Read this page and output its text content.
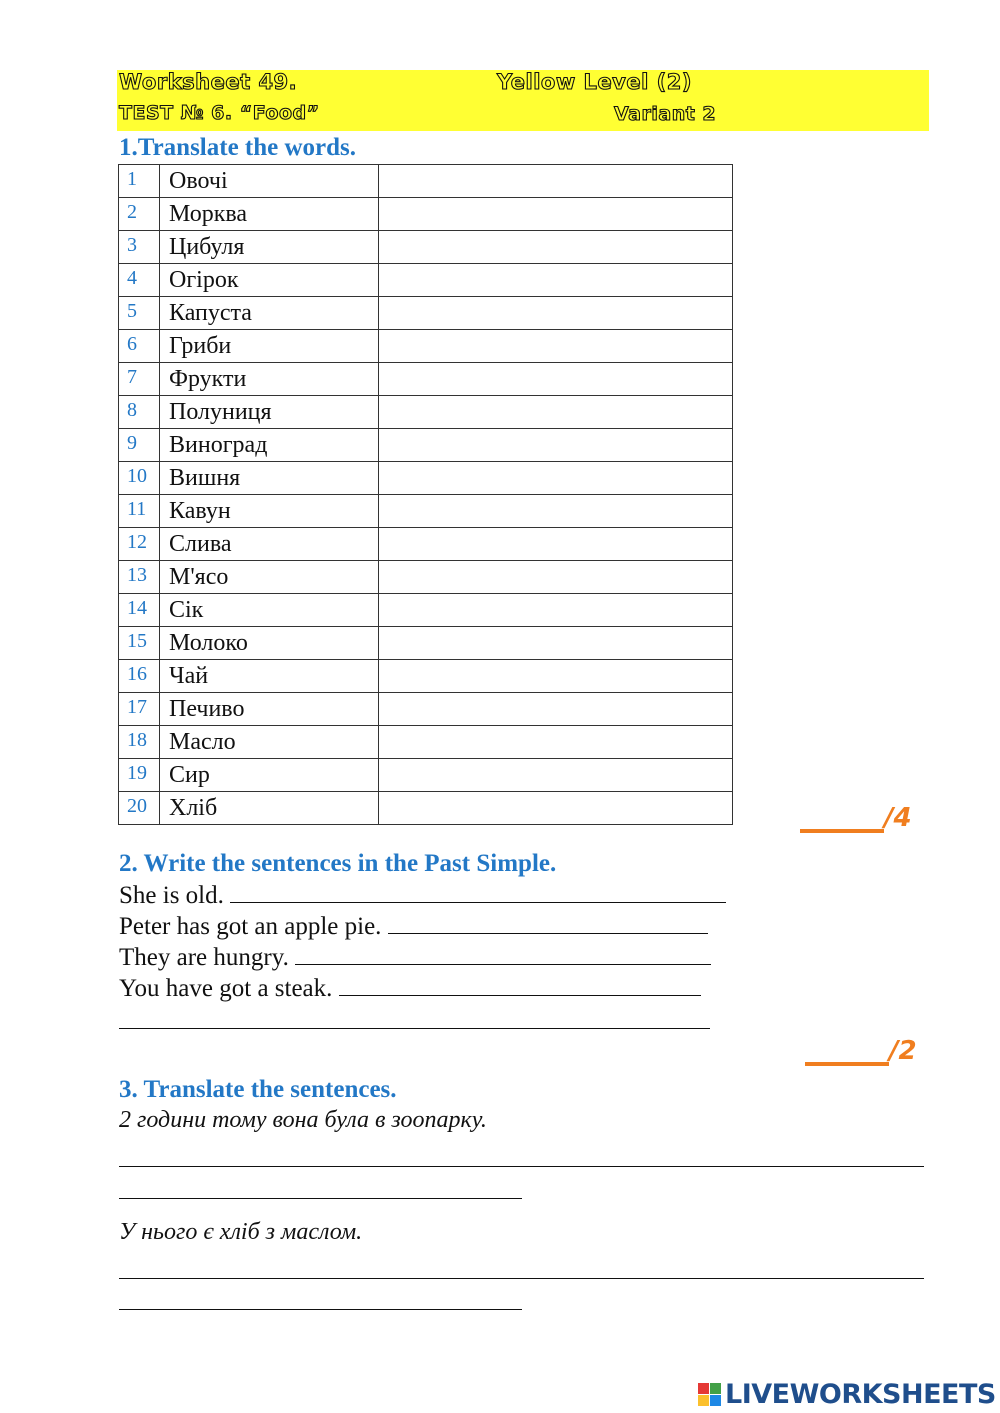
Worksheet 49.	Yellow Level (2)
TEST № 6. “Food”	Variant 2
1.Translate the words.
1	Овочі	
2	Морква	
3	Цибуля	
4	Огірок	
5	Капуста	
6	Гриби	
7	Фрукти	
8	Полуниця	
9	Виноград	
10	Вишня	
11	Кавун	
12	Слива	
13	М'ясо	
14	Сік	
15	Молоко	
16	Чай	
17	Печиво	
18	Масло	
19	Сир	
20	Хліб		/4
2. Write the sentences in the Past Simple.
She is old.
Peter has got an apple pie.
They are hungry.
You have got a steak.
/2
3. Translate the sentences.
2 години тому вона була в зоопарку.
У нього є хліб з маслом.
LIVEWORKSHEETS
